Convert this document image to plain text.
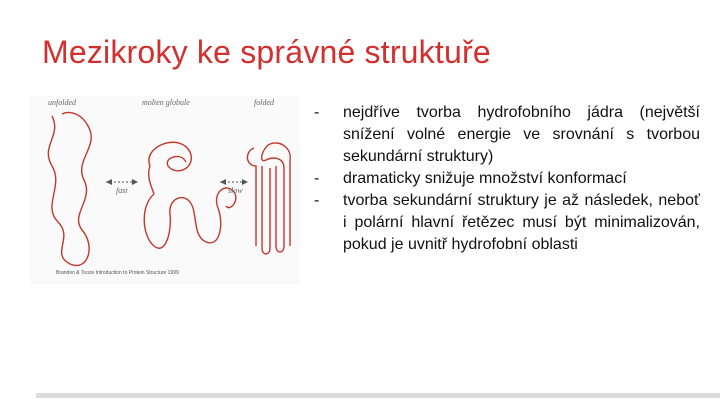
Mezikroky ke správné struktuře
unfolded	molten globule	folded
fast	slow
Branden & Tooze Introduction to Protein Structure 1999
- nejdříve tvorba hydrofobního jádra (největší snížení volné energie ve srovnání s tvorbou sekundární struktury)
- dramaticky snižuje množství konformací
- tvorba sekundární struktury je až následek, neboť i polární hlavní řetězec musí být minimalizován, pokud je uvnitř hydrofobní oblasti
